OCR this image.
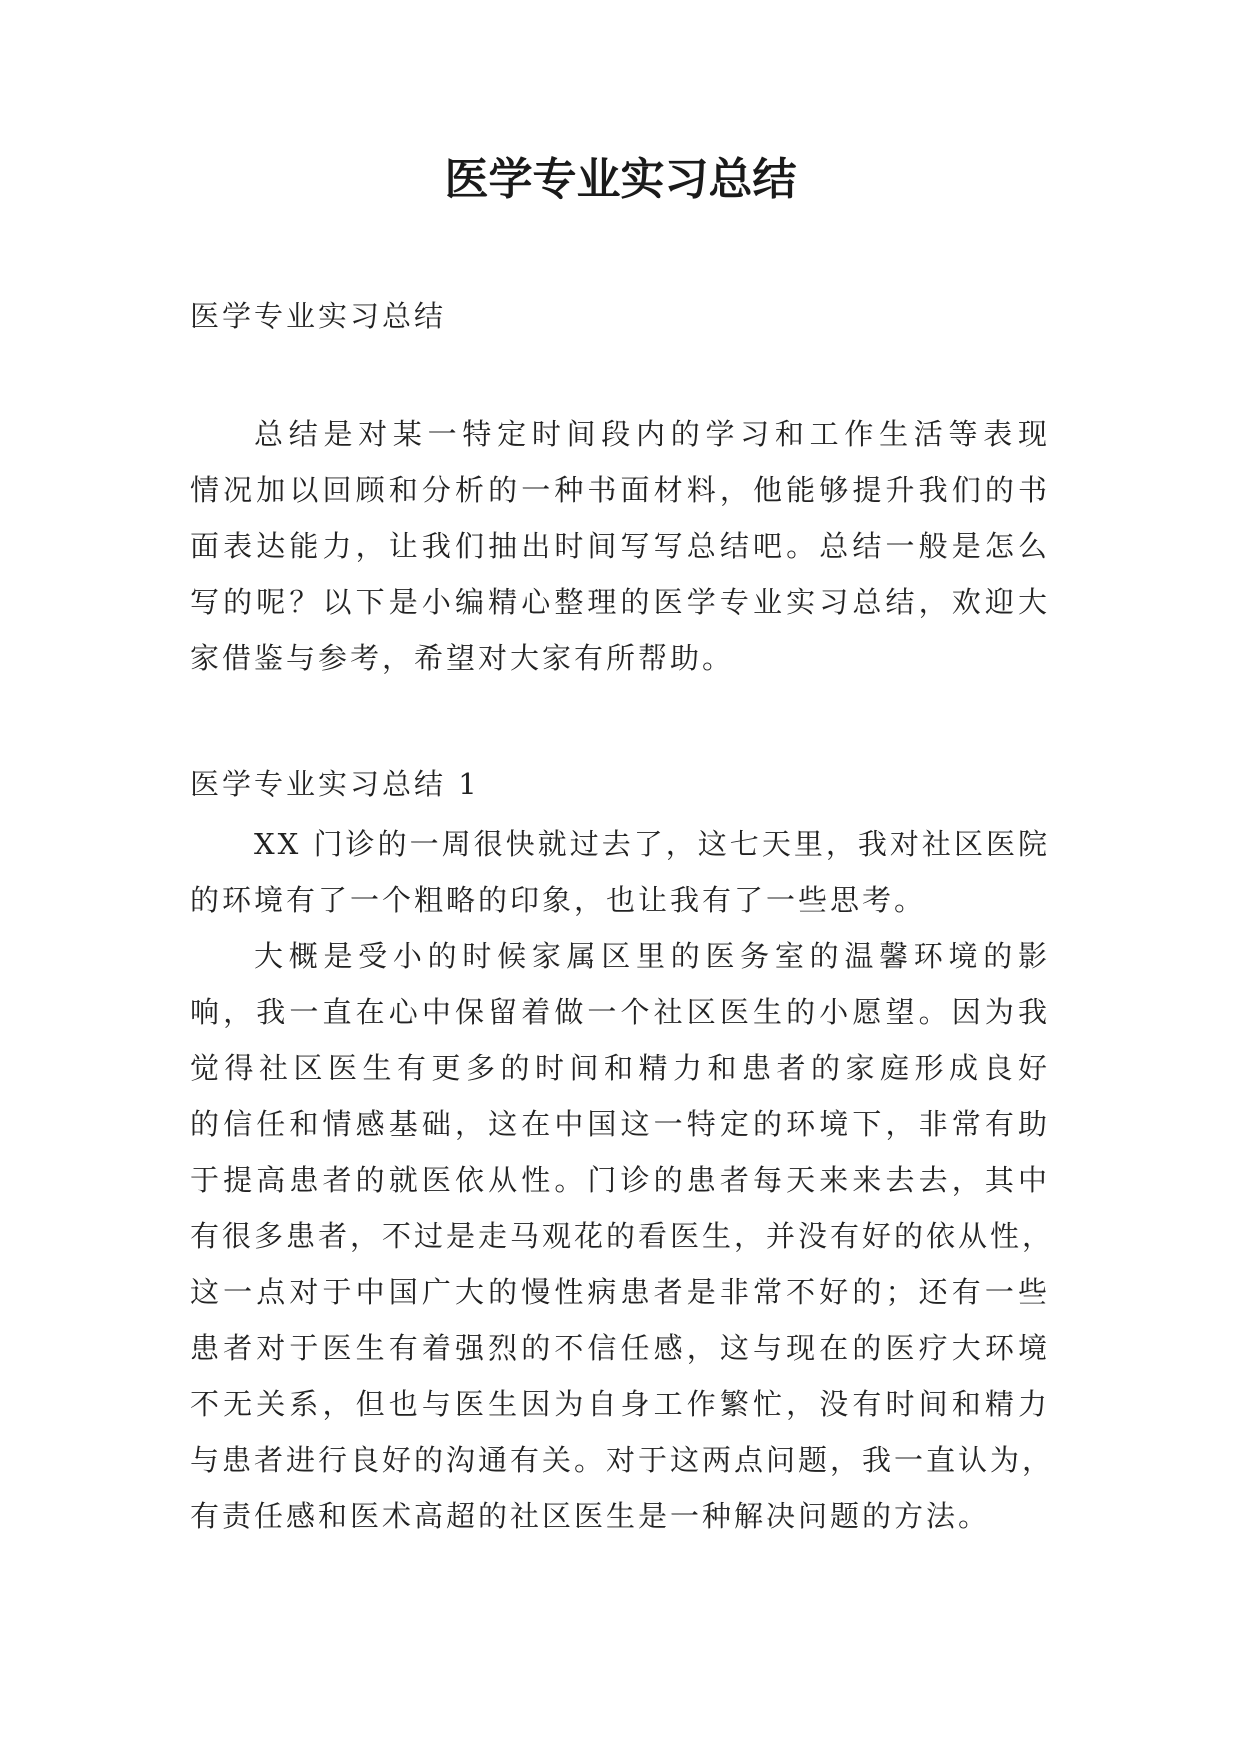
医学专业实习总结

医学专业实习总结

总结是对某一特定时间段内的学习和工作生活等表现
情况加以回顾和分析的一种书面材料，他能够提升我们的书
面表达能力，让我们抽出时间写写总结吧。总结一般是怎么
写的呢？以下是小编精心整理的医学专业实习总结，欢迎大
家借鉴与参考，希望对大家有所帮助。

医学专业实习总结 1

XX 门诊的一周很快就过去了，这七天里，我对社区医院
的环境有了一个粗略的印象，也让我有了一些思考。

大概是受小的时候家属区里的医务室的温馨环境的影
响，我一直在心中保留着做一个社区医生的小愿望。因为我
觉得社区医生有更多的时间和精力和患者的家庭形成良好
的信任和情感基础，这在中国这一特定的环境下，非常有助
于提高患者的就医依从性。门诊的患者每天来来去去，其中
有很多患者，不过是走马观花的看医生，并没有好的依从性，
这一点对于中国广大的慢性病患者是非常不好的；还有一些
患者对于医生有着强烈的不信任感，这与现在的医疗大环境
不无关系，但也与医生因为自身工作繁忙，没有时间和精力
与患者进行良好的沟通有关。对于这两点问题，我一直认为，
有责任感和医术高超的社区医生是一种解决问题的方法。
